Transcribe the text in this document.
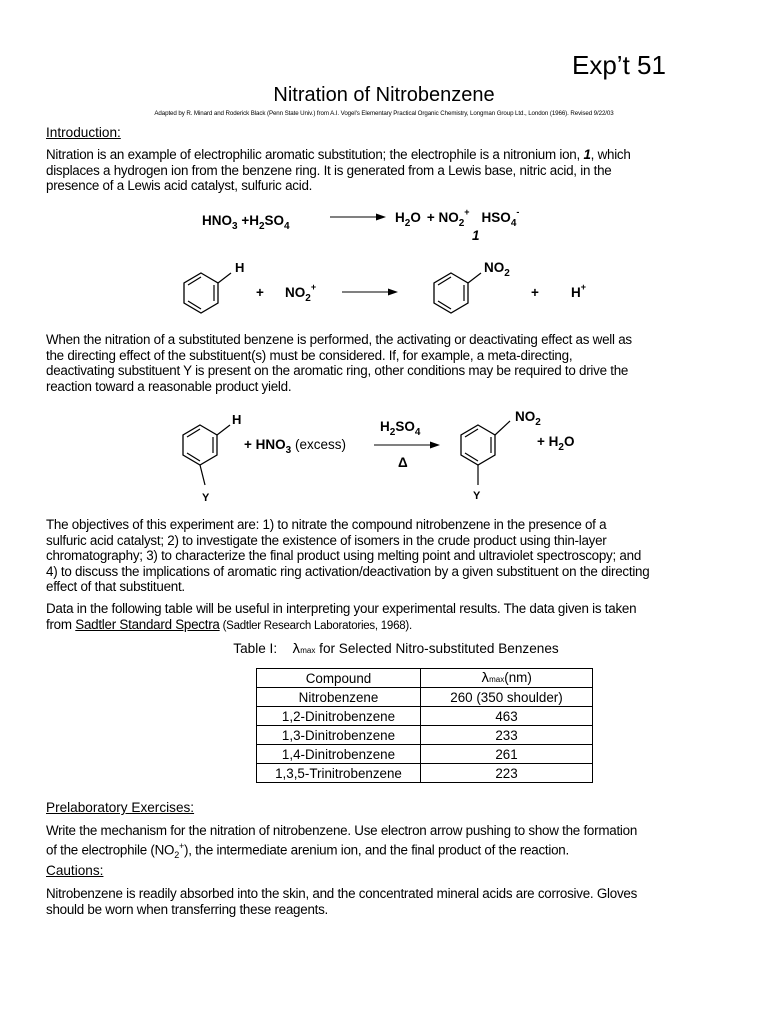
Exp’t 51
Nitration of Nitrobenzene
Adapted by R. Minard and Roderick Black (Penn State Univ.) from A.I. Vogel's Elementary Practical Organic Chemistry, Longman Group Ltd., London (1966). Revised 9/22/03
Introduction:
Nitration is an example of electrophilic aromatic substitution; the electrophile is a nitronium ion, 1, which
displaces a hydrogen ion from the benzene ring. It is generated from a Lewis base, nitric acid, in the
presence of a Lewis acid catalyst, sulfuric acid.
$HNO_3 +H_2SO_4$
$H_2O + NO_2^+$ $HSO_4^-$
1
H
+ $NO_2^+$
$NO_2$
+ H+
When the nitration of a substituted benzene is performed, the activating or deactivating effect as well as
the directing effect of the substituent(s) must be considered. If, for example, a meta-directing,
deactivating substituent Y is present on the aromatic ring, other conditions may be required to drive the
reaction toward a reasonable product yield.
H
Y
+ $HNO_3$ (excess)
$H_2SO_4$
Δ
$NO_2$
Y
+ $H_2O$
The objectives of this experiment are: 1) to nitrate the compound nitrobenzene in the presence of a
sulfuric acid catalyst; 2) to investigate the existence of isomers in the crude product using thin-layer
chromatography; 3) to characterize the final product using melting point and ultraviolet spectroscopy; and
4) to discuss the implications of aromatic ring activation/deactivation by a given substituent on the directing
effect of that substituent.
Data in the following table will be useful in interpreting your experimental results. The data given is taken
from Sadtler Standard Spectra (Sadtler Research Laboratories, 1968).
Table I:    λmax for Selected Nitro-substituted Benzenes
Compound	λmax(nm)
Nitrobenzene	260 (350 shoulder)
1,2-Dinitrobenzene	463
1,3-Dinitrobenzene	233
1,4-Dinitrobenzene	261
1,3,5-Trinitrobenzene	223
Prelaboratory Exercises:
Write the mechanism for the nitration of nitrobenzene. Use electron arrow pushing to show the formation
of the electrophile $(NO_2^+)$, the intermediate arenium ion, and the final product of the reaction.
Cautions:
Nitrobenzene is readily absorbed into the skin, and the concentrated mineral acids are corrosive. Gloves
should be worn when transferring these reagents.
